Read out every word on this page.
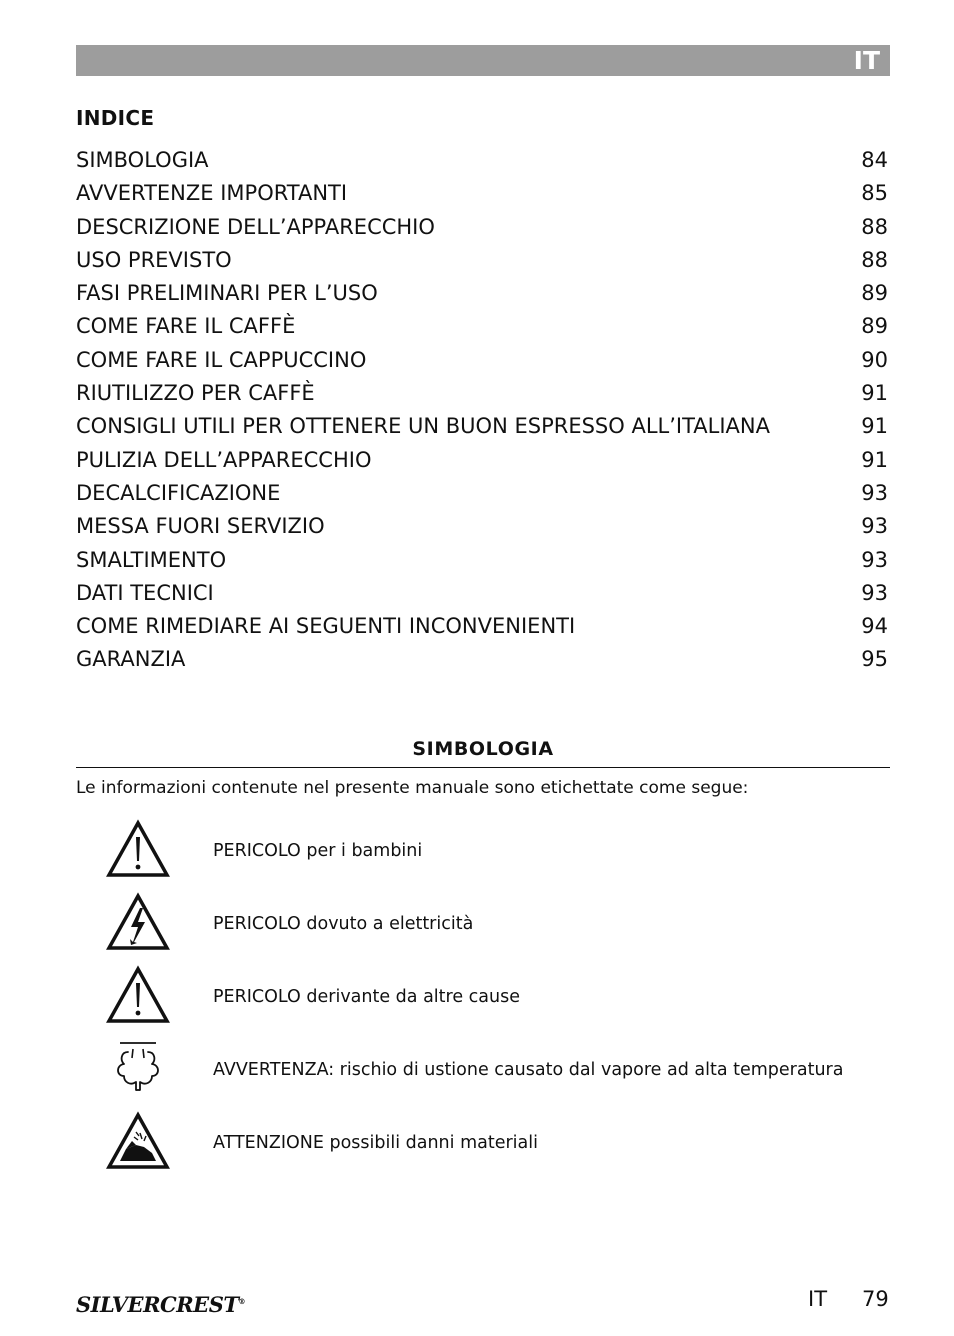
IT
INDICE
SIMBOLOGIA	84
AVVERTENZE IMPORTANTI	85
DESCRIZIONE DELL’APPARECCHIO	88
USO PREVISTO	88
FASI PRELIMINARI PER L’USO	89
COME FARE IL CAFFÈ	89
COME FARE IL CAPPUCCINO	90
RIUTILIZZO PER CAFFÈ	91
CONSIGLI UTILI PER OTTENERE UN BUON ESPRESSO ALL’ITALIANA	91
PULIZIA DELL’APPARECCHIO	91
DECALCIFICAZIONE	93
MESSA FUORI SERVIZIO	93
SMALTIMENTO	93
DATI TECNICI	93
COME RIMEDIARE AI SEGUENTI INCONVENIENTI	94
GARANZIA	95
SIMBOLOGIA
Le informazioni contenute nel presente manuale sono etichettate come segue:
PERICOLO per i bambini
PERICOLO dovuto a elettricità
PERICOLO derivante da altre cause
AVVERTENZA: rischio di ustione causato dal vapore ad alta temperatura
ATTENZIONE possibili danni materiali
SILVERCREST®	IT 79
